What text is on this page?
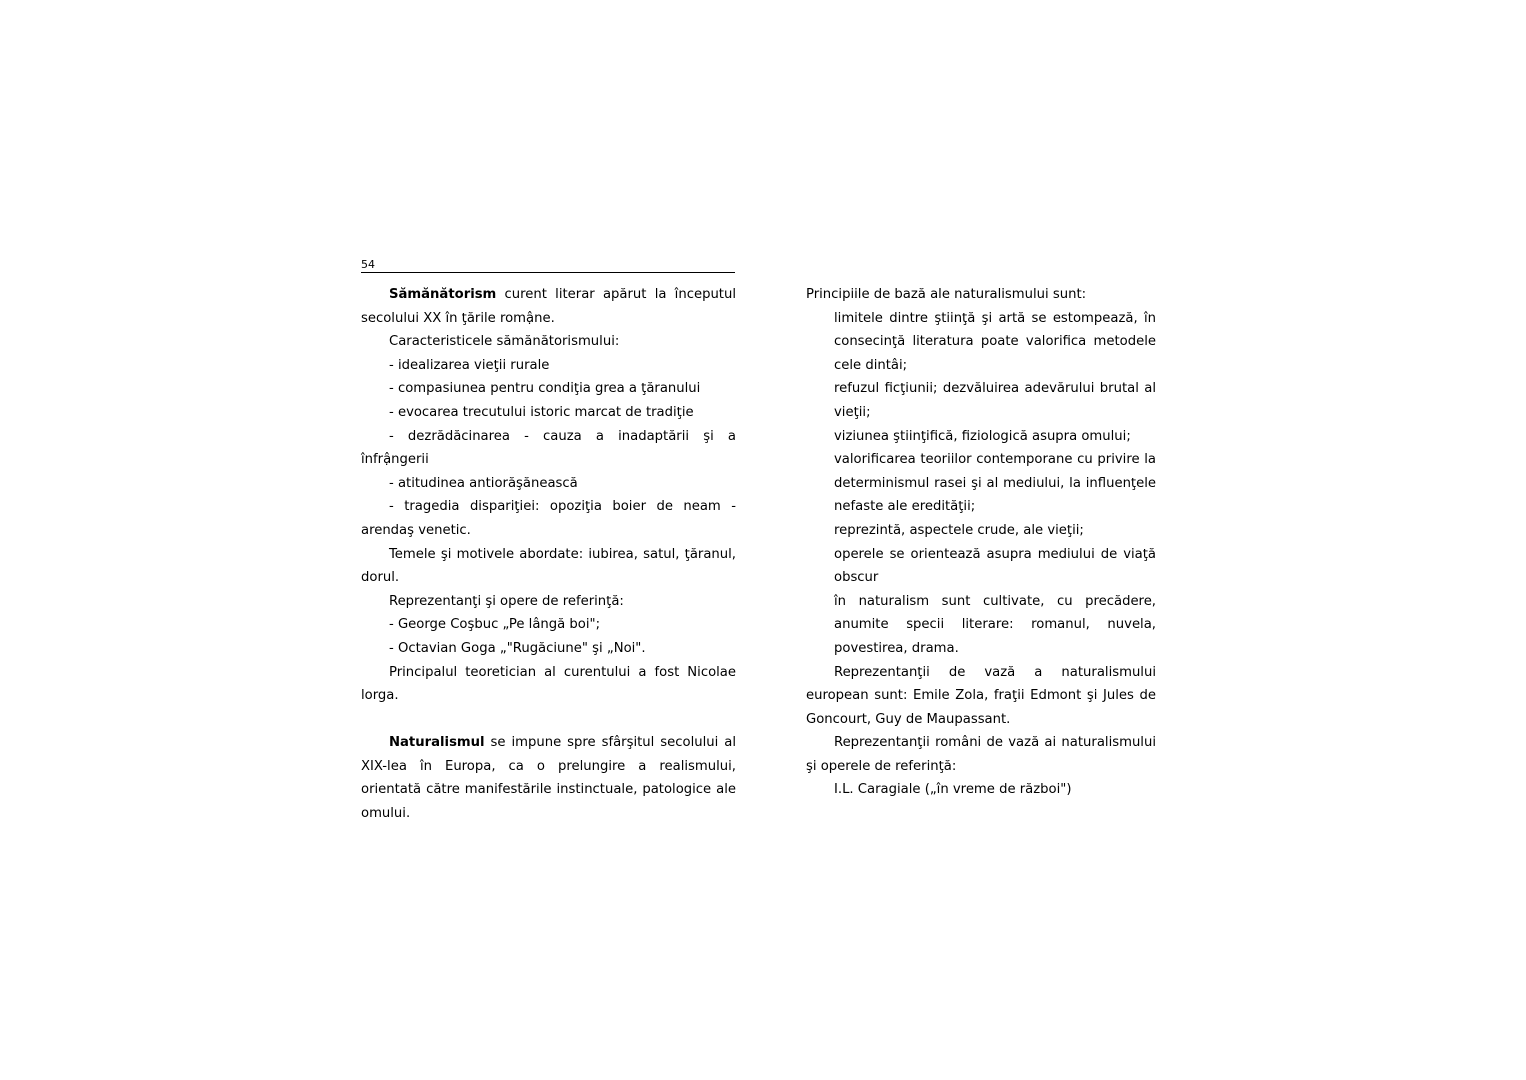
54

Sămănătorism curent literar apărut la începutul secolului XX în ţările romậne.

Caracteristicele sămănătorismului:

- idealizarea vieţii rurale

- compasiunea pentru condiţia grea a ţăranului

- evocarea trecutului istoric marcat de tradiţie

- dezrădăcinarea - cauza a inadaptării şi a înfrậngerii

- atitudinea antiorăşănească

- tragedia dispariţiei: opoziţia boier de neam - arendaş venetic.

Temele şi motivele abordate: iubirea, satul, ţăranul, dorul.

Reprezentanţi şi opere de referinţă:

- George Coşbuc „Pe lângă boi";

- Octavian Goga „"Rugăciune" şi „Noi".

Principalul teoretician al curentului a fost Nicolae lorga.

Naturalismul se impune spre sfârşitul secolului al XIX-lea în Europa, ca o prelungire a realismului, orientată către manifestările instinctuale, patologice ale omului.

Principiile de bază ale naturalismului sunt:

limitele dintre ştiinţă şi artă se estompează, în consecinţă literatura poate valorifica metodele cele dintâi;

refuzul ficţiunii; dezvăluirea adevărului brutal al vieţii;

viziunea ştiinţifică, fiziologică asupra omului;

valorificarea teoriilor contemporane cu privire la determinismul rasei şi al mediului, la influenţele nefaste ale eredităţii;

reprezintă, aspectele crude, ale vieţii;

operele se orientează asupra mediului de viaţă obscur

în naturalism sunt cultivate, cu precădere, anumite specii literare: romanul, nuvela, povestirea, drama.

Reprezentanţii de vază a naturalismului european sunt: Emile Zola, fraţii Edmont şi Jules de Goncourt, Guy de Maupassant.

Reprezentanţii români de vază ai naturalismului şi operele de referinţă:

I.L. Caragiale („în vreme de război")
